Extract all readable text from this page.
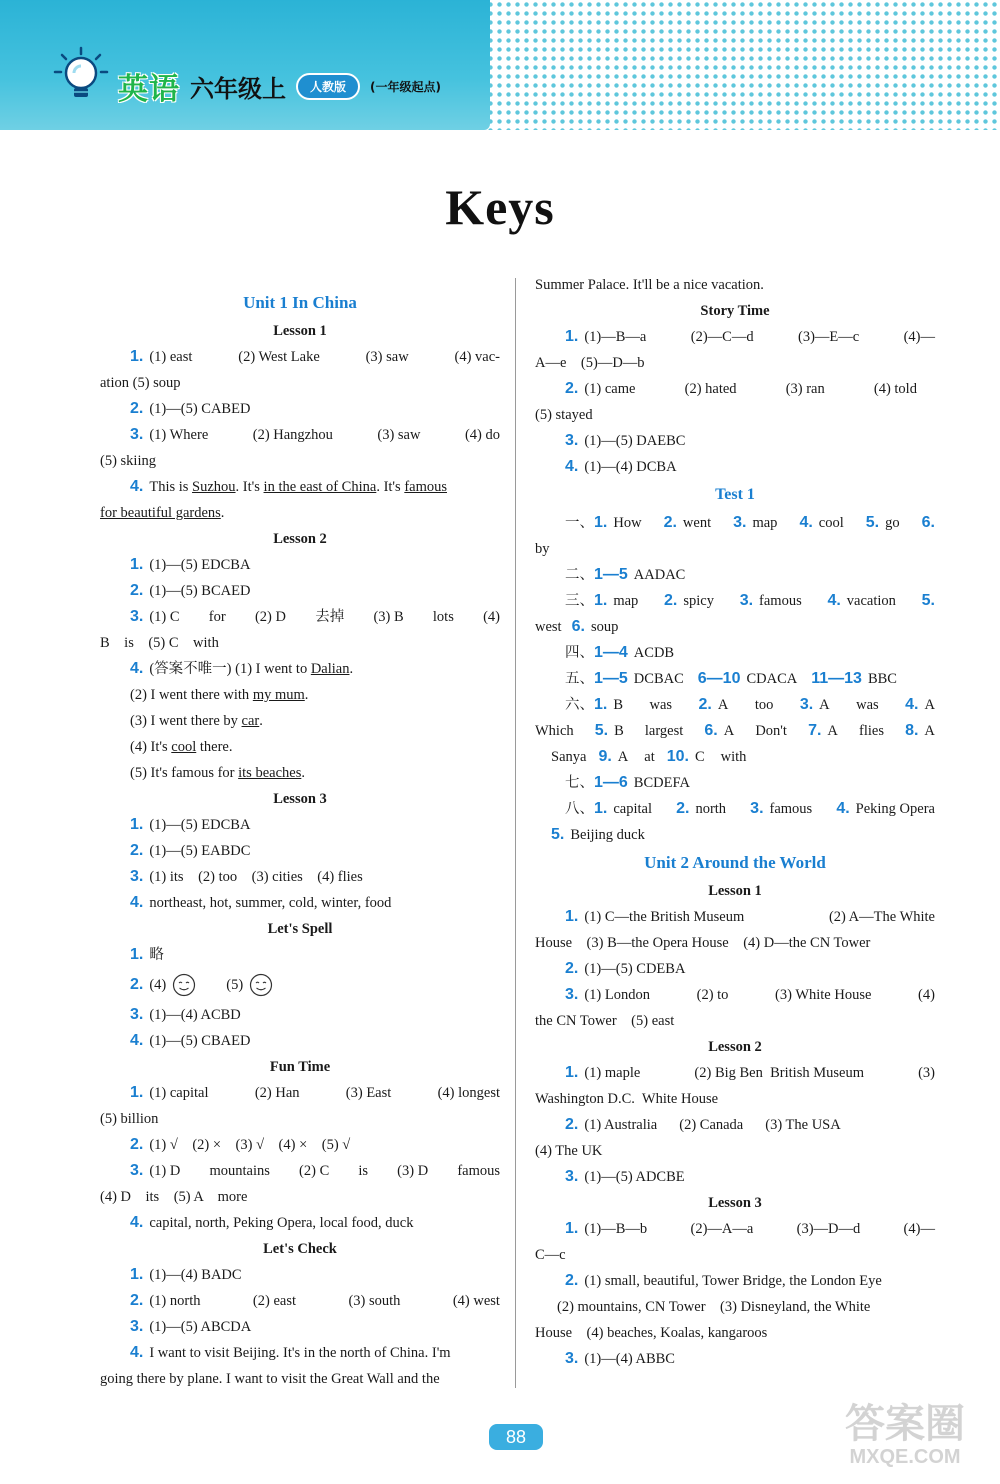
英语 六年级上	人教版	(一年级起点)
Keys
Unit 1 In China
Lesson 1
1. (1) east	(2) West Lake	(3) saw	(4) vac-
ation (5) soup
2. (1)—(5) CABED
3. (1) Where	(2) Hangzhou	(3) saw	(4) do
(5) skiing
4. This is Suzhou . It's in the east of China . It's famous
for beautiful gardens .
Lesson 2
1. (1)—(5) EDCBA
2. (1)—(5) BCAED
3. (1) C for (2) D 去掉 (3) B lots (4)
B    is    (5) C    with
4. (答案不唯一) (1) I went to Dalian .
(2) I went there with my mum .
(3) I went there by car .
(4) It's cool there.
(5) It's famous for its beaches .
Lesson 3
1. (1)—(5) EDCBA
2. (1)—(5) EABDC
3. (1) its    (2) too    (3) cities    (4) flies
4. northeast, hot, summer, cold, winter, food
Let's Spell
1. 略
2. (4)	(5)
3. (1)—(4) ACBD
4. (1)—(5) CBAED
Fun Time
1. (1) capital	(2) Han	(3) East	(4) longest
(5) billion
2. (1) √    (2) ×    (3) √    (4) ×    (5) √
3. (1) D mountains (2) C is (3) D famous
(4) D    its    (5) A    more
4. capital, north, Peking Opera, local food, duck
Let's Check
1. (1)—(4) BADC
2. (1) north	(2) east	(3) south	(4) west
3. (1)—(5) ABCDA
4. I want to visit Beijing. It's in the north of China. I'm
going there by plane. I want to visit the Great Wall and the
Summer Palace. It'll be a nice vacation.
Story Time
1. (1)—B—a	(2)—C—d	(3)—E—c	(4)—
A—e    (5)—D—b
2. (1) came	(2) hated	(3) ran	(4) told
(5) stayed
3. (1)—(5) DAEBC
4. (1)—(4) DCBA
Test 1
一、1. How 2. went 3. map 4. cool 5. go 6.
by
二、 1—5 AADAC
三、1. map 2. spicy 3. famous 4. vacation 5.
west 6. soup
四、 1—4 ACDB
五、 1—5 DCBAC 6—10 CDACA 11—13 BBC
六、1. B was 2. A too 3. A was 4. A
Which 5. B largest 6. A Don't 7. A flies 8. A
Sanya 9. A at 10. C with
七、 1—6 BCDEFA
八、1. capital 2. north 3. famous 4. Peking Opera
5. Beijing duck
Unit 2 Around the World
Lesson 1
1. (1) C—the British Museum	(2) A—The White
House    (3) B—the Opera House    (4) D—the CN Tower
2. (1)—(5) CDEBA
3. (1) London	(2) to	(3) White House	(4)
the CN Tower    (5) east
Lesson 2
1. (1) maple	(2) Big Ben  British Museum	(3)
Washington D.C.  White House
2. (1) Australia (2) Canada (3) The USA
(4) The UK
3. (1)—(5) ADCBE
Lesson 3
1. (1)—B—b	(2)—A—a	(3)—D—d	(4)—
C—c
2. (1) small, beautiful, Tower Bridge, the London Eye
(2) mountains, CN Tower    (3) Disneyland, the White
House    (4) beaches, Koalas, kangaroos
3. (1)—(4) ABBC
88	答案圈
MXQE.COM
